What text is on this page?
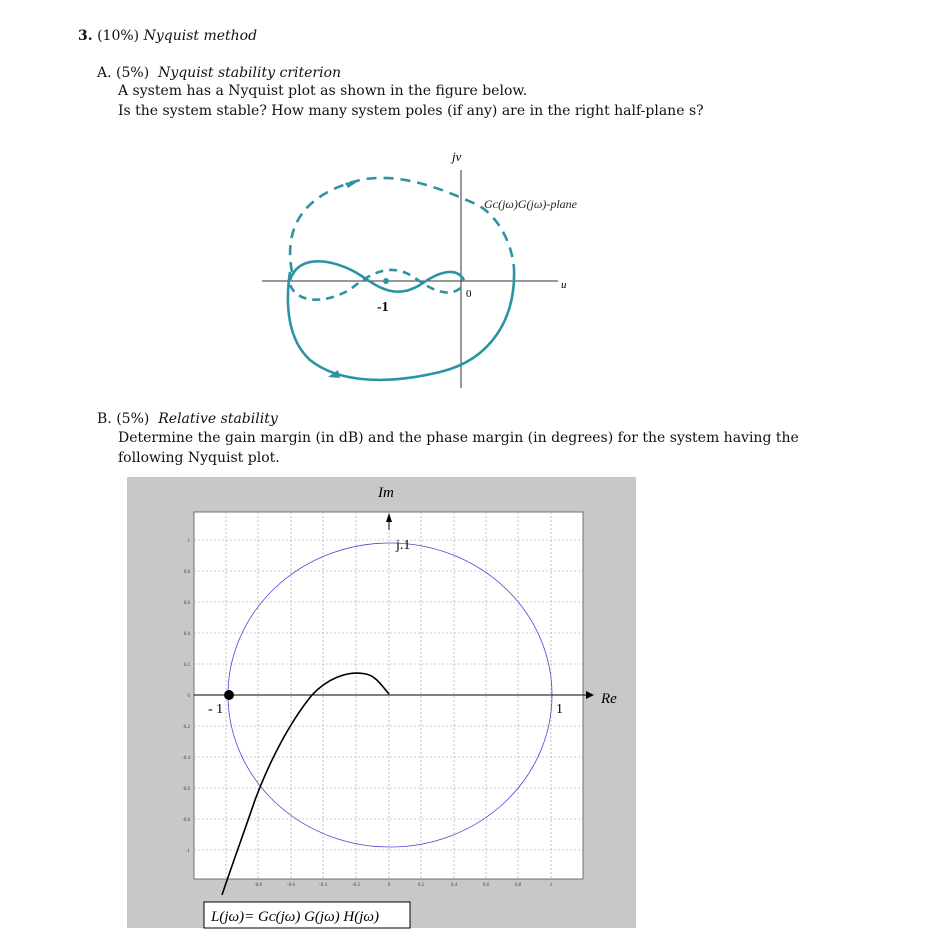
3. (10%) Nyquist method
A. (5%) Nyquist stability criterion
A system has a Nyquist plot as shown in the figure below.
Is the system stable? How many system poles (if any) are in the right half-plane s?
jv
Gᴄ(jω)G(jω)-plane
u
0
-1
B. (5%) Relative stability
Determine the gain margin (in dB) and the phase margin (in degrees) for the system having the
following Nyquist plot.
1
0.8
0.6
0.4
0.2
0
-0.2
-0.4
-0.6
-0.8
-1
-0.8	-0.6	-0.4	-0.2	0	0.2	0.4	0.6	0.8	1
Im
j.1
Re
- 1	1
L(jω)= Gᴄ(jω) G(jω) H(jω)
